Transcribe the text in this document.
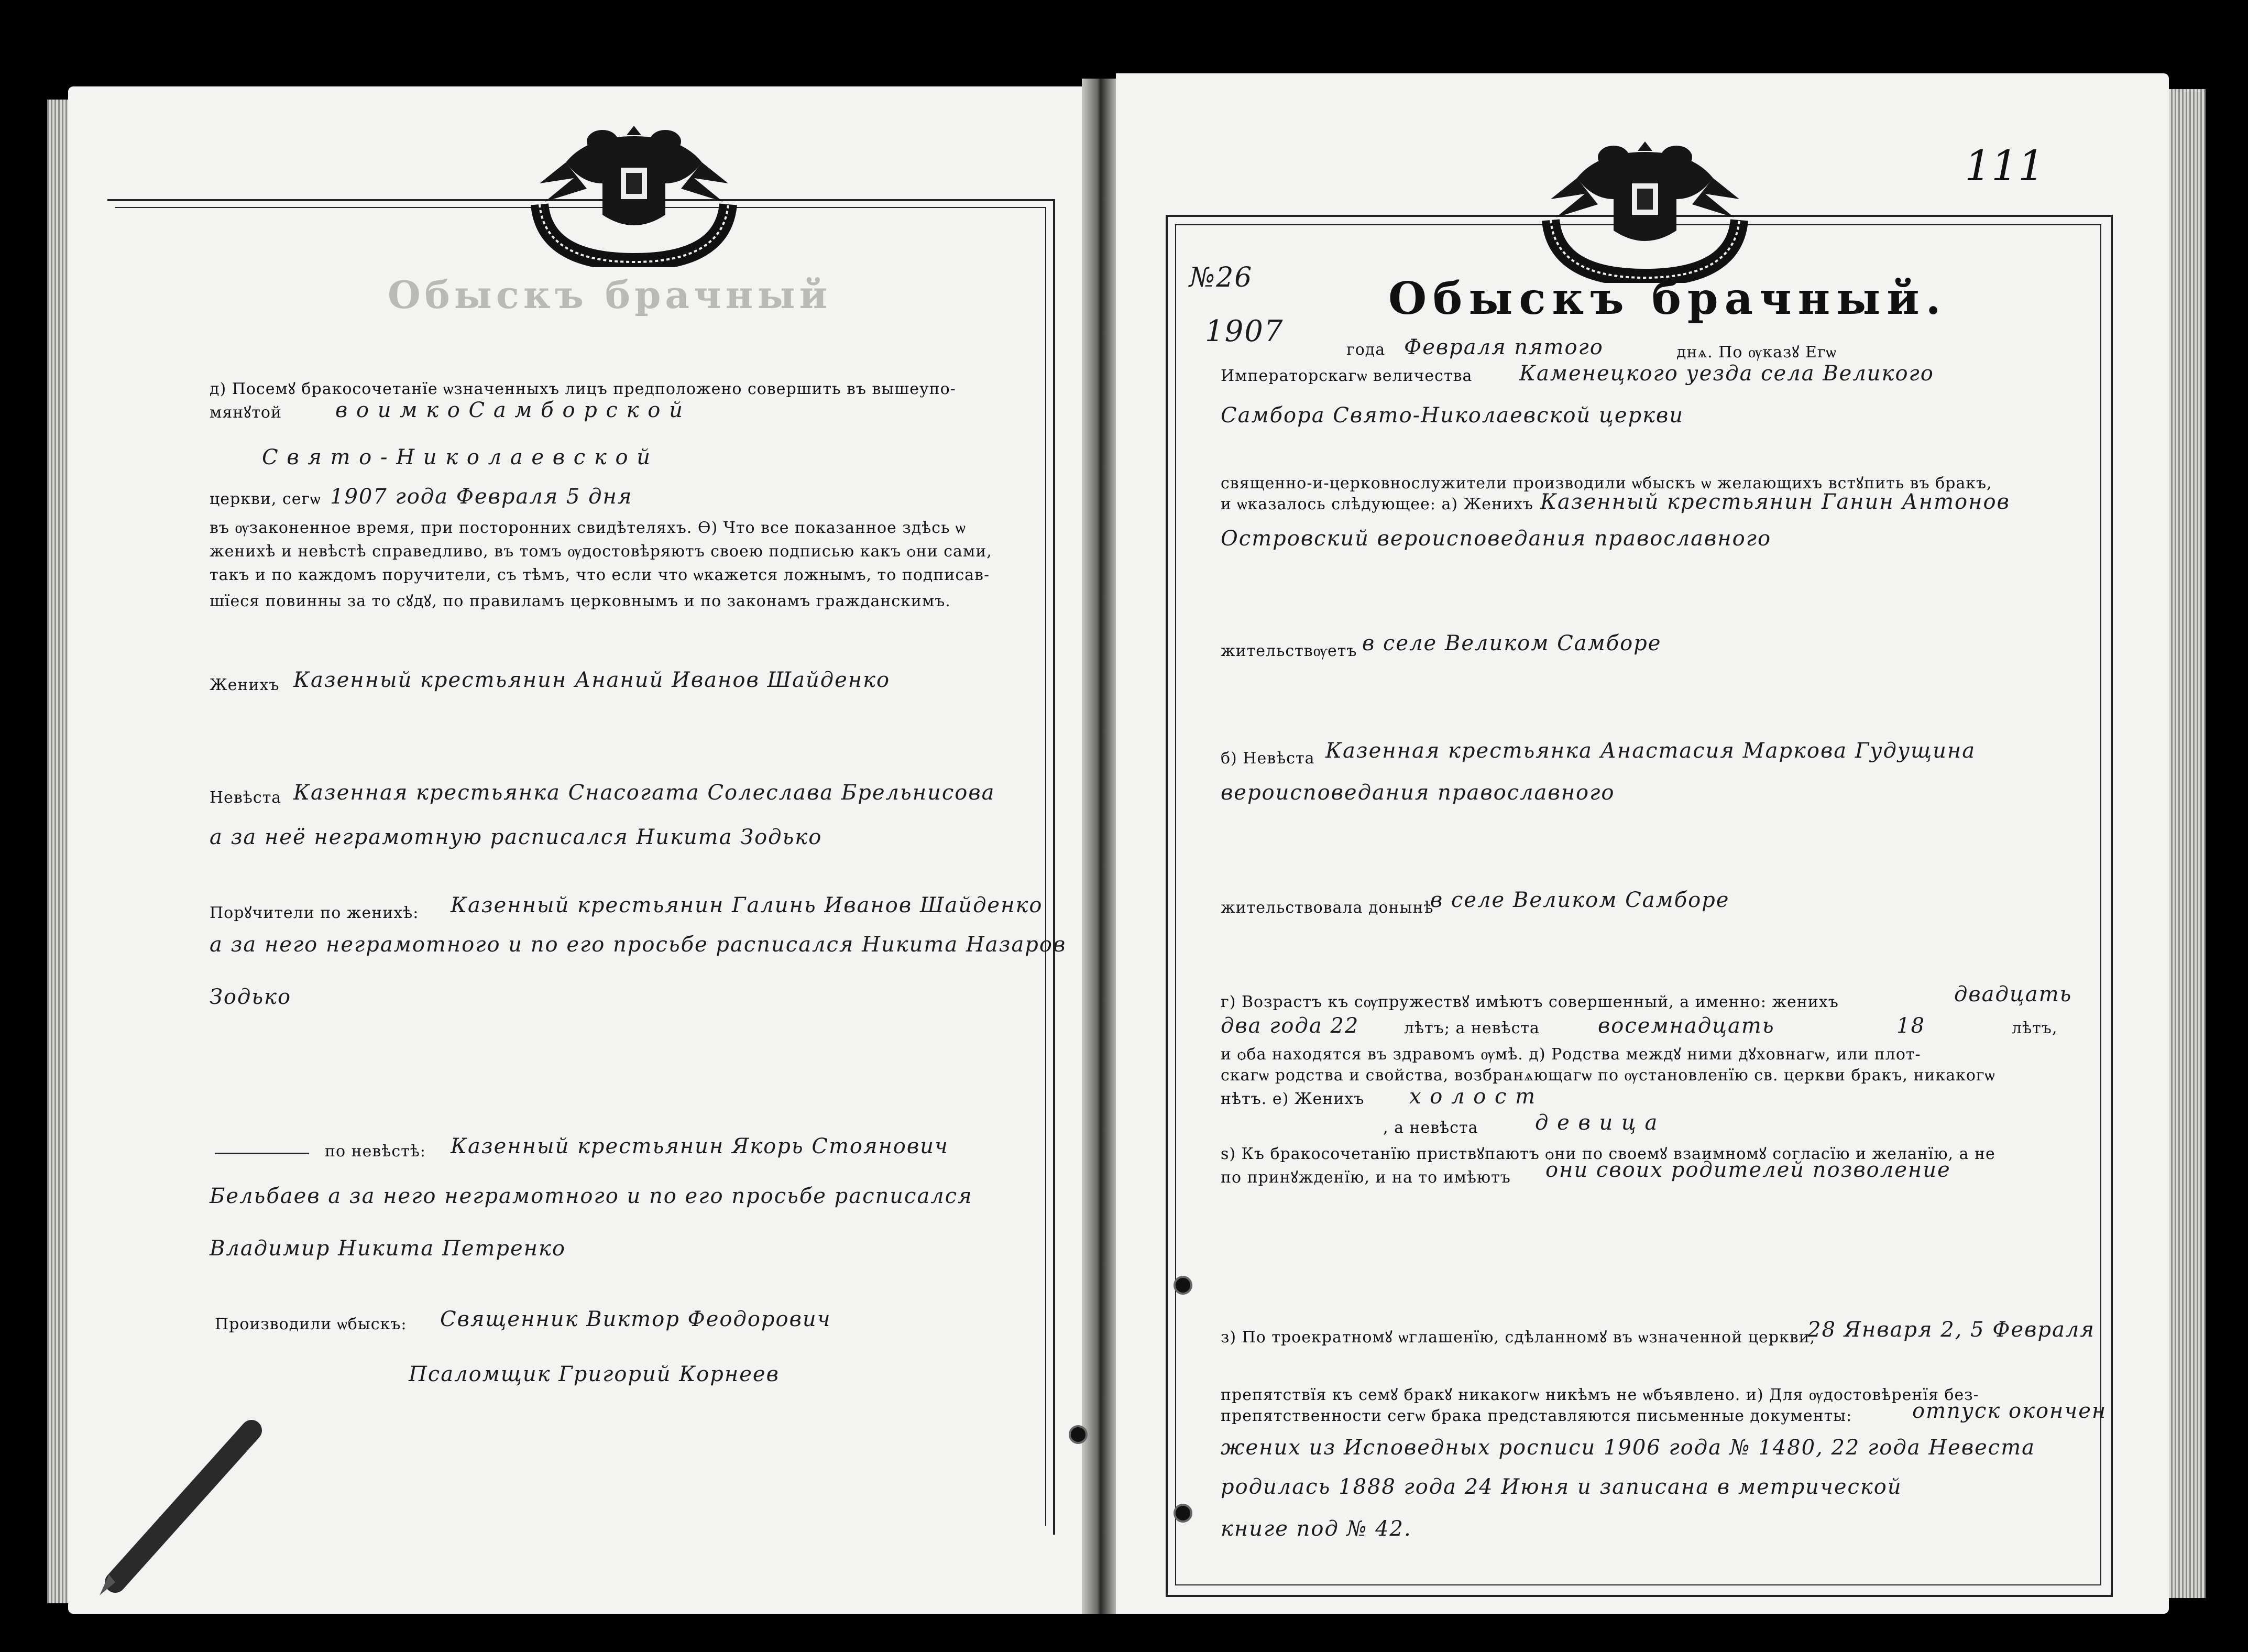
Обыскъ брачный
д) Посемꙋ бракосочетанїе ѡзначенныхъ лицъ предположено совершить въ вышеупо-
мянꙋтой	в о и м к о С а м б о р с к о й
С в я т о - Н и к о л а е в с к о й
церкви, сегѡ 1907 года Февраля 5 дня
въ ѹзаконенное время, при посторонних свидѣтеляхъ. Ѳ) Что все показанное здѣсь ѡ
женихѣ и невѣстѣ справедливо, въ томъ ѹдостовѣряютъ своею подписью какъ ѻни сами,
такъ и по каждомъ поручители, съ тѣмъ, что если что ѡкажется ложнымъ, то подписав-
шїеся повинны за то сꙋдꙋ, по правиламъ церковнымъ и по законамъ гражданскимъ.
Женихъ Казенный крестьянин Ананий Иванов Шайденко
Невѣста Казенная крестьянка Снасогата Солеслава Брельнисова
а за неё неграмотную расписался Никита Зодько
Порꙋчители по женихѣ: Казенный крестьянин Галинь Иванов Шайденко
а за него неграмотного и по его просьбе расписался Никита Назаров
Зодько
по невѣстѣ: Казенный крестьянин Якорь Стоянович
Бельбаев а за него неграмотного и по его просьбе расписался
Владимир Никита Петренко
Производили ѡбыскъ: Священник Виктор Феодорович
Псаломщик Григорий Корнеев
111
№26	Обыскъ брачный.
1907
года Февраля пятого	днѧ. По ѹказꙋ Егѡ
Императорскагѡ величества Каменецкого уезда села Великого
Самбора Свято-Николаевской церкви
священно-и-церковнослужители производили ѡбыскъ ѡ желающихъ встꙋпить въ бракъ,
и ѡказалось слѣдующее: а) Женихъ Казенный крестьянин Ганин Антонов
Островский вероисповедания православного
жительствѹетъ в селе Великом Самборе
б) Невѣста Казенная крестьянка Анастасия Маркова Гудущина
вероисповедания православного
жительствовала донынѣ
в селе Великом Самборе
г) Возрастъ къ сѹпружествꙋ имѣютъ совершенный, а именно: женихъ	двадцать
два года 22	лѣтъ; а невѣста	восемнадцать	18	лѣтъ,
и ѻба находятся въ здравомъ ѹмѣ. д) Родства междꙋ ними дꙋховнагѡ, или плот-
скагѡ родства и свойства, возбранѧющагѡ по ѹстановленїю св. церкви бракъ, никакогѡ
нѣтъ. е) Женихъ х о л о с т
, а невѣста	д е в и ц а
ѕ) Къ бракосочетанїю приствꙋпаютъ ѻни по своемꙋ взаимномꙋ согласїю и желанїю, а не
по принꙋжденїю, и на то имѣютъ они своих родителей позволение
з) По троекратномꙋ ѡглашенїю, сдѣланномꙋ въ ѡзначенной церкви,
28 Января 2, 5 Февраля
препятствїя къ семꙋ бракꙋ никакогѡ никѣмъ не ѡбъявлено. и) Для ѹдостовѣренїя без-
препятственности сегѡ брака представляются письменные документы:	отпуск окончен
жених из Исповедных росписи 1906 года № 1480, 22 года Невеста
родилась 1888 года 24 Июня и записана в метрической
книге под № 42.
